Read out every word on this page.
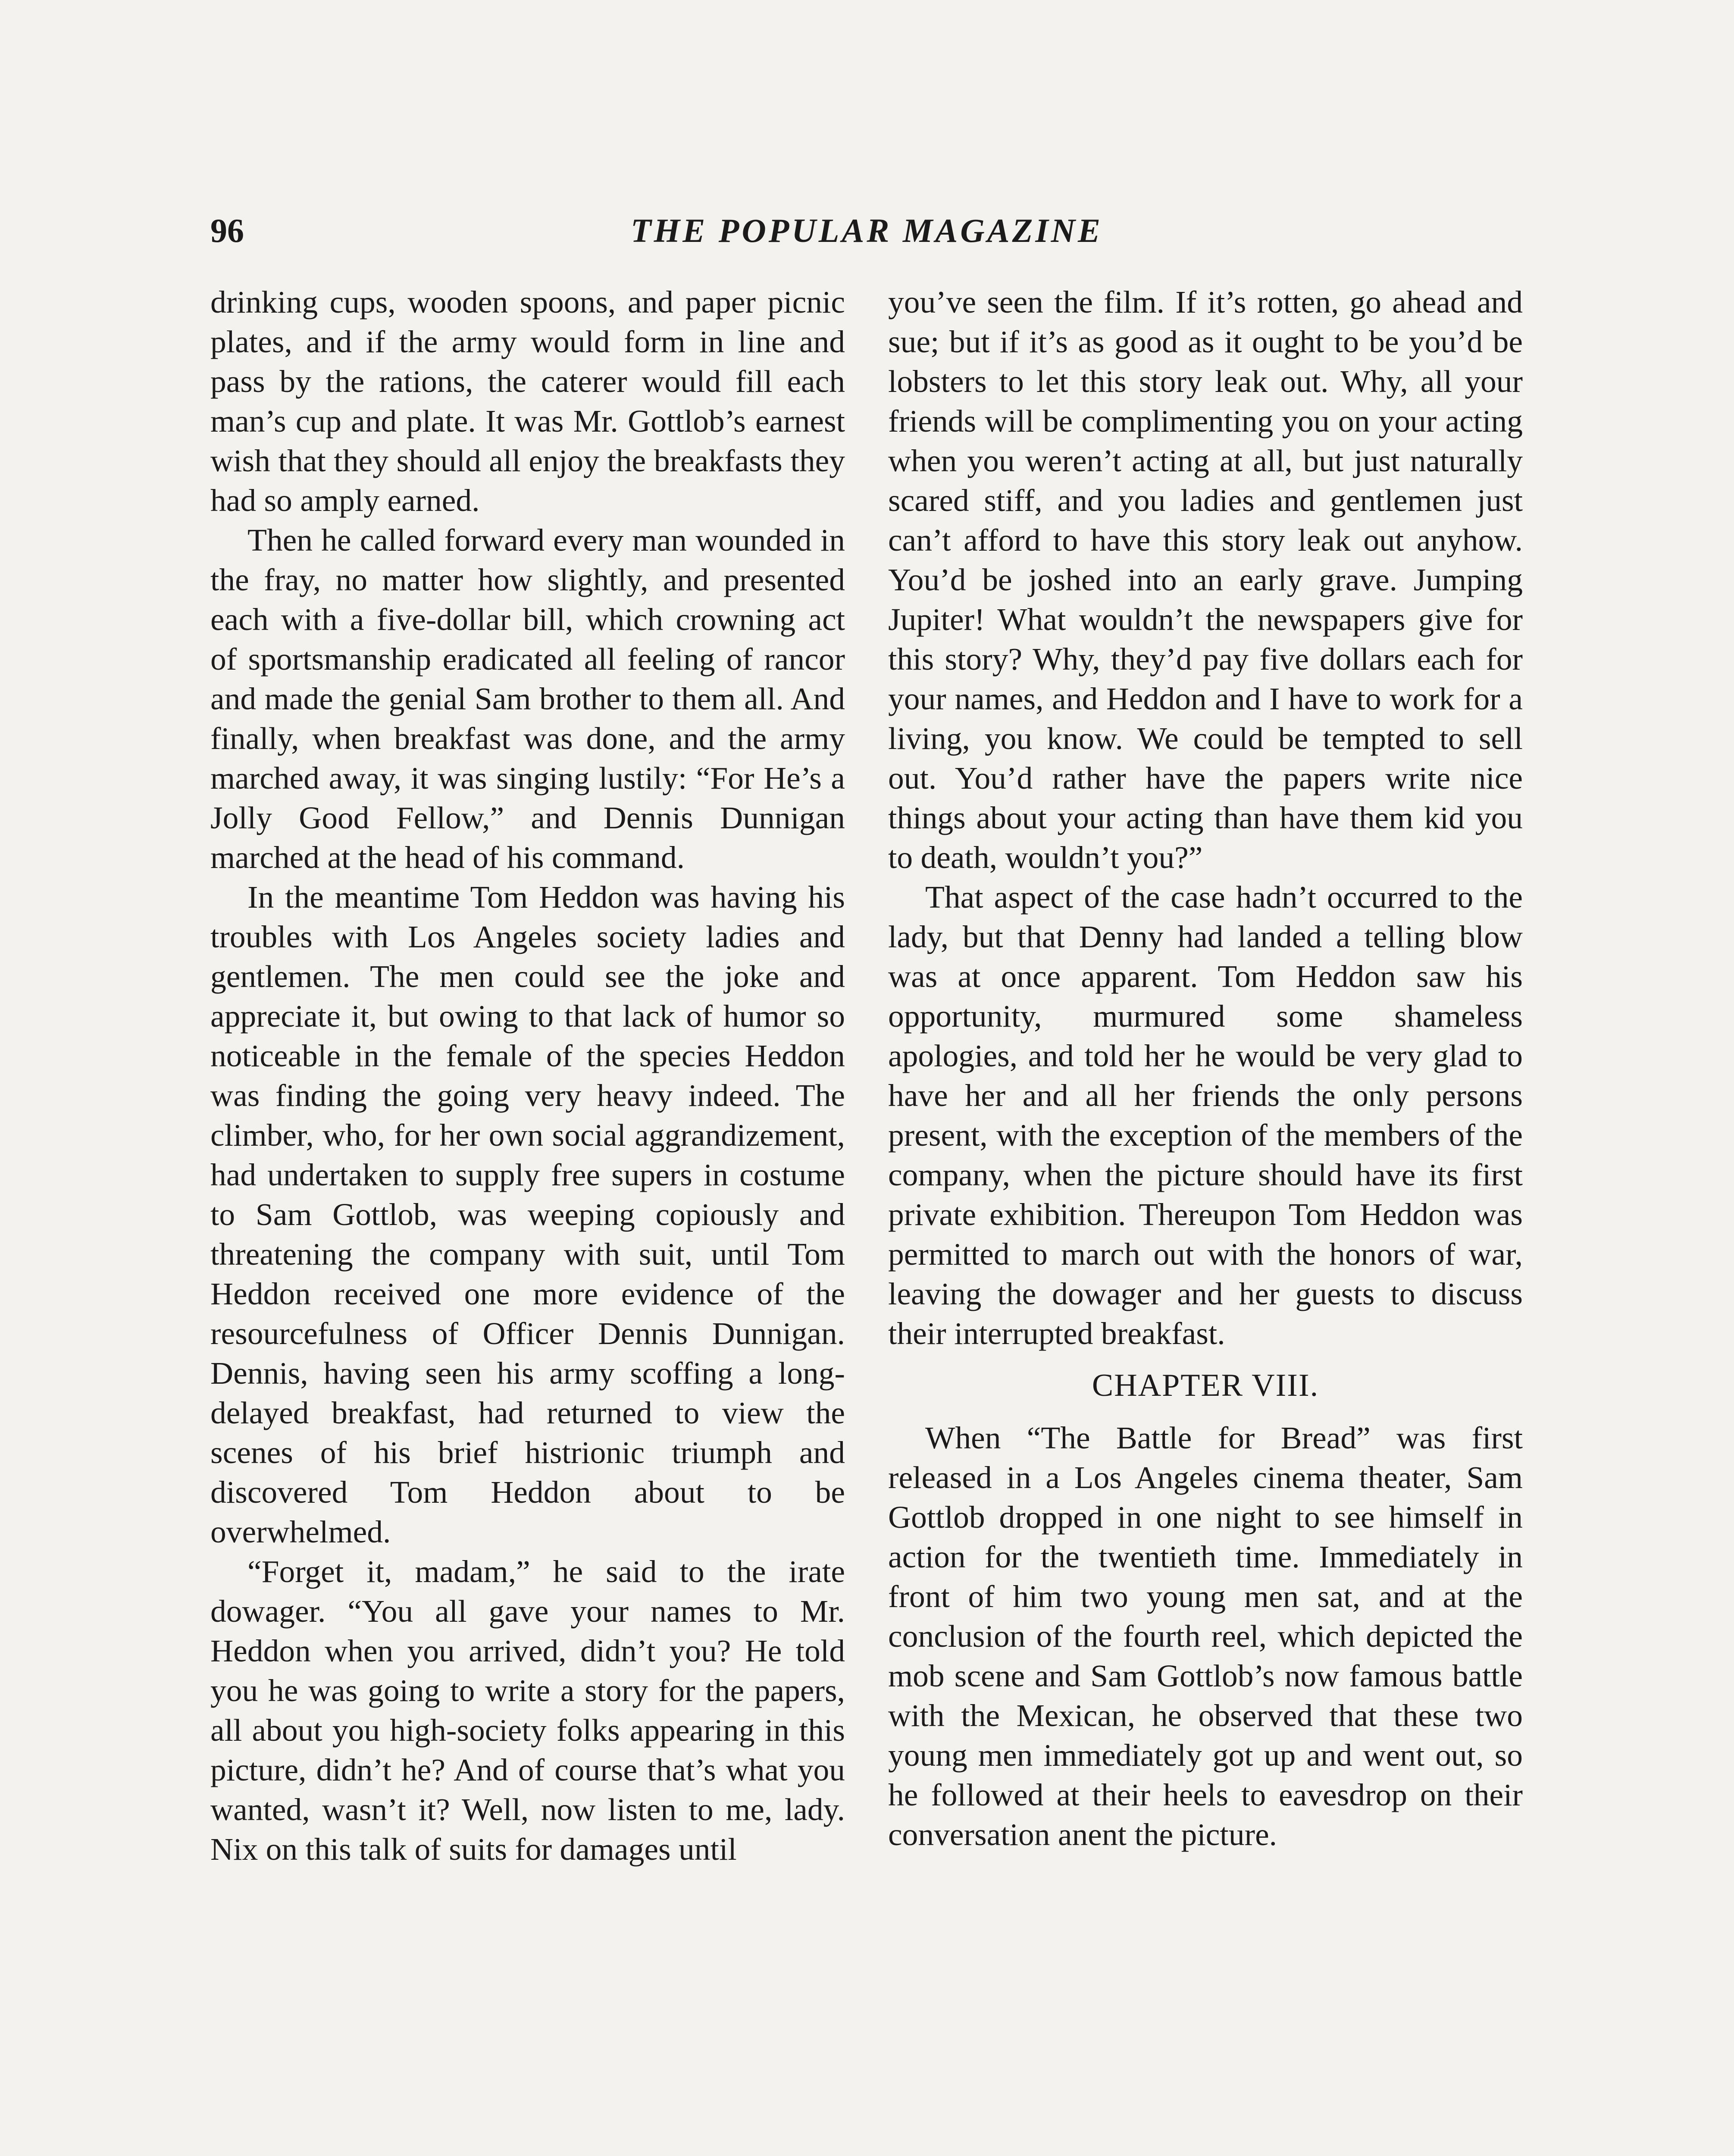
96	THE POPULAR MAGAZINE

drinking cups, wooden spoons, and paper picnic plates, and if the army would form in line and pass by the rations, the caterer would fill each man’s cup and plate. It was Mr. Gottlob’s earnest wish that they should all enjoy the breakfasts they had so amply earned.

Then he called forward every man wounded in the fray, no matter how slightly, and presented each with a five-dollar bill, which crowning act of sportsmanship eradicated all feeling of rancor and made the genial Sam brother to them all. And finally, when breakfast was done, and the army marched away, it was singing lustily: “For He’s a Jolly Good Fellow,” and Dennis Dunnigan marched at the head of his command.

In the meantime Tom Heddon was having his troubles with Los Angeles society ladies and gentlemen. The men could see the joke and appreciate it, but owing to that lack of humor so noticeable in the female of the species Heddon was finding the going very heavy indeed. The climber, who, for her own social aggrandizement, had undertaken to supply free supers in costume to Sam Gottlob, was weeping copiously and threatening the company with suit, until Tom Heddon received one more evidence of the resourcefulness of Officer Dennis Dunnigan. Dennis, having seen his army scoffing a long-delayed breakfast, had returned to view the scenes of his brief histrionic triumph and discovered Tom Heddon about to be overwhelmed.

“Forget it, madam,” he said to the irate dowager. “You all gave your names to Mr. Heddon when you arrived, didn’t you? He told you he was going to write a story for the papers, all about you high-society folks appearing in this picture, didn’t he? And of course that’s what you wanted, wasn’t it? Well, now listen to me, lady. Nix on this talk of suits for damages until

you’ve seen the film. If it’s rotten, go ahead and sue; but if it’s as good as it ought to be you’d be lobsters to let this story leak out. Why, all your friends will be complimenting you on your acting when you weren’t acting at all, but just naturally scared stiff, and you ladies and gentlemen just can’t afford to have this story leak out anyhow. You’d be joshed into an early grave. Jumping Jupiter! What wouldn’t the newspapers give for this story? Why, they’d pay five dollars each for your names, and Heddon and I have to work for a living, you know. We could be tempted to sell out. You’d rather have the papers write nice things about your acting than have them kid you to death, wouldn’t you?”

That aspect of the case hadn’t occurred to the lady, but that Denny had landed a telling blow was at once apparent. Tom Heddon saw his opportunity, murmured some shameless apologies, and told her he would be very glad to have her and all her friends the only persons present, with the exception of the members of the company, when the picture should have its first private exhibition. Thereupon Tom Heddon was permitted to march out with the honors of war, leaving the dowager and her guests to discuss their interrupted breakfast.

CHAPTER VIII.

When “The Battle for Bread” was first released in a Los Angeles cinema theater, Sam Gottlob dropped in one night to see himself in action for the twentieth time. Immediately in front of him two young men sat, and at the conclusion of the fourth reel, which depicted the mob scene and Sam Gottlob’s now famous battle with the Mexican, he observed that these two young men immediately got up and went out, so he followed at their heels to eavesdrop on their conversation anent the picture.
